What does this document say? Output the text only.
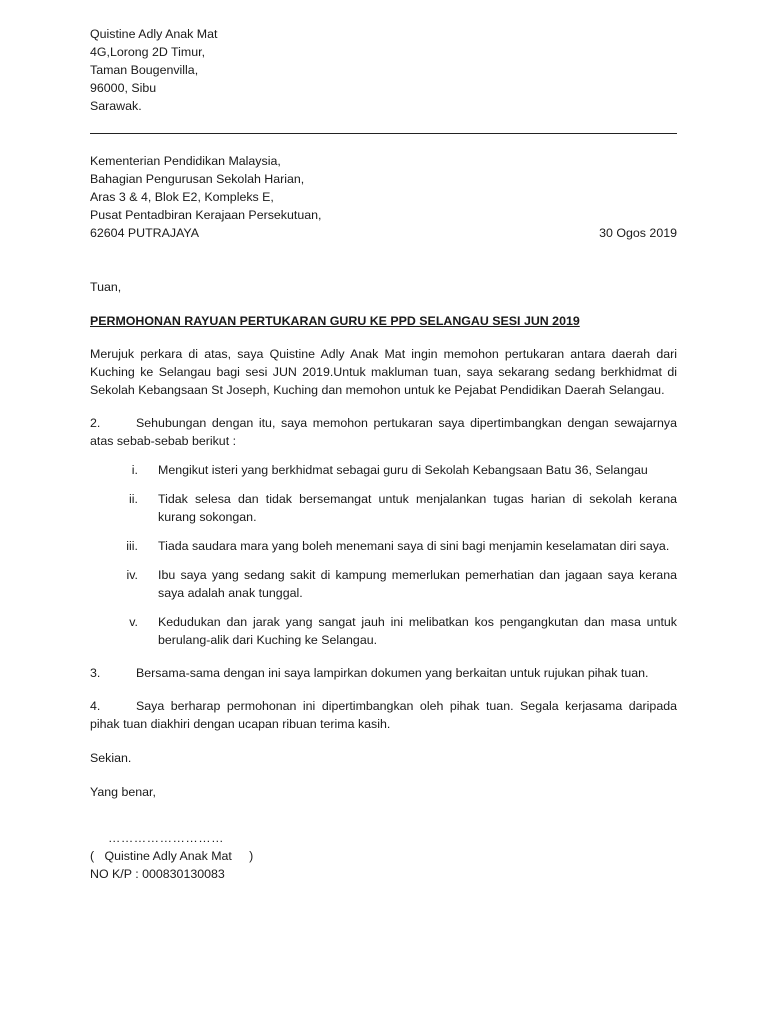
Quistine Adly Anak Mat
4G,Lorong 2D Timur,
Taman Bougenvilla,
96000, Sibu
Sarawak.
Kementerian Pendidikan Malaysia,
Bahagian Pengurusan Sekolah Harian,
Aras 3 & 4, Blok E2, Kompleks E,
Pusat Pentadbiran Kerajaan Persekutuan,
62604 PUTRAJAYA	30 Ogos 2019
Tuan,
PERMOHONAN RAYUAN PERTUKARAN GURU KE PPD SELANGAU SESI JUN 2019
Merujuk perkara di atas, saya Quistine Adly Anak Mat ingin memohon pertukaran antara daerah dari Kuching ke Selangau bagi sesi JUN 2019.Untuk makluman tuan, saya sekarang sedang berkhidmat di Sekolah Kebangsaan St Joseph, Kuching dan memohon untuk ke Pejabat Pendidikan Daerah Selangau.
2.	Sehubungan dengan itu, saya memohon pertukaran saya dipertimbangkan dengan sewajarnya atas sebab-sebab berikut :
i.	Mengikut isteri yang berkhidmat sebagai guru di Sekolah Kebangsaan Batu 36, Selangau
ii.	Tidak selesa dan tidak bersemangat untuk menjalankan tugas harian di sekolah kerana kurang sokongan.
iii.	Tiada saudara mara yang boleh menemani saya di sini bagi menjamin keselamatan diri saya.
iv.	Ibu saya yang sedang sakit di kampung memerlukan pemerhatian dan jagaan saya kerana saya adalah anak tunggal.
v.	Kedudukan dan jarak yang sangat jauh ini melibatkan kos pengangkutan dan masa untuk berulang-alik dari Kuching ke Selangau.
3.	Bersama-sama dengan ini saya lampirkan dokumen yang berkaitan untuk rujukan pihak tuan.
4.	Saya berharap permohonan ini dipertimbangkan oleh pihak tuan. Segala kerjasama daripada pihak tuan diakhiri dengan ucapan ribuan terima kasih.
Sekian.
Yang benar,
………………………
(   Quistine Adly Anak Mat     )
NO K/P : 000830130083
